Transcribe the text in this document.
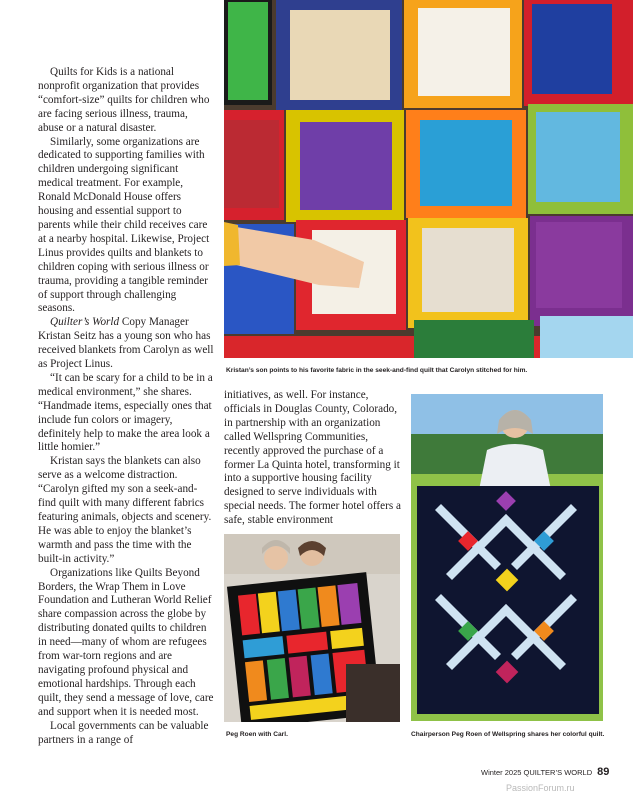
Quilts for Kids is a national nonprofit organization that provides “comfort-size” quilts for children who are facing serious illness, trauma, abuse or a natural disaster.

Similarly, some organizations are dedicated to supporting families with children undergoing significant medical treatment. For example, Ronald McDonald House offers housing and essential support to parents while their child receives care at a nearby hospital. Likewise, Project Linus provides quilts and blankets to children coping with serious illness or trauma, providing a tangible reminder of support through challenging seasons.

Quilter’s World Copy Manager Kristan Seitz has a young son who has received blankets from Carolyn as well as Project Linus.

“It can be scary for a child to be in a medical environment,” she shares. “Handmade items, especially ones that include fun colors or imagery, definitely help to make the area look a little homier.”

Kristan says the blankets can also serve as a welcome distraction. “Carolyn gifted my son a seek-and-find quilt with many different fabrics featuring animals, objects and scenery. He was able to enjoy the blanket’s warmth and pass the time with the built-in activity.”

Organizations like Quilts Beyond Borders, the Wrap Them in Love Foundation and Lutheran World Relief share compassion across the globe by distributing donated quilts to children in need—many of whom are refugees from war-torn regions and are navigating profound physical and emotional hardships. Through each quilt, they send a message of love, care and support when it is needed most.

Local governments can be valuable partners in a range of

Kristan’s son points to his favorite fabric in the seek-and-find quilt that Carolyn stitched for him.

initiatives, as well. For instance, officials in Douglas County, Colorado, in partnership with an organization called Wellspring Communities, recently approved the purchase of a former La Quinta hotel, transforming it into a supportive housing facility designed to serve individuals with special needs. The former hotel offers a safe, stable environment

Peg Roen with Carl.	Chairperson Peg Roen of Wellspring shares her colorful quilt.
Winter 2025 QUILTER’S WORLD 89
PassionForum.ru
